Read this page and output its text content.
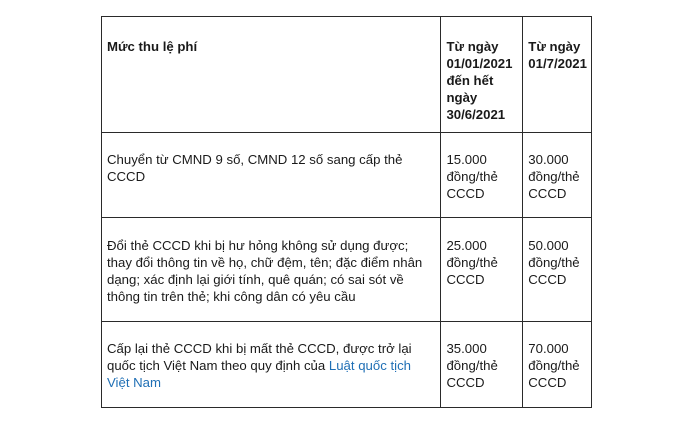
Mức thu lệ phí	Từ ngày 01/01/2021 đến hết ngày 30/6/2021	Từ ngày 01/7/2021
Chuyển từ CMND 9 số, CMND 12 số sang cấp thẻ CCCD	15.000 đồng/thẻ CCCD	30.000 đồng/thẻ CCCD
Đổi thẻ CCCD khi bị hư hỏng không sử dụng được; thay đổi thông tin về họ, chữ đệm, tên; đặc điểm nhân dạng; xác định lại giới tính, quê quán; có sai sót về thông tin trên thẻ; khi công dân có yêu cầu	25.000 đồng/thẻ CCCD	50.000 đồng/thẻ CCCD
Cấp lại thẻ CCCD khi bị mất thẻ CCCD, được trở lại quốc tịch Việt Nam theo quy định của Luật quốc tịch Việt Nam	35.000 đồng/thẻ CCCD	70.000 đồng/thẻ CCCD
